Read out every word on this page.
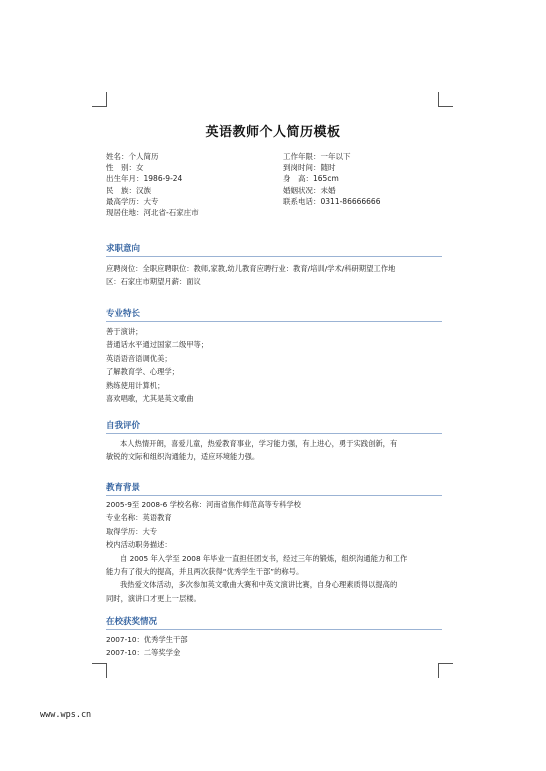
英语教师个人简历模板
姓名：个人简历	工作年限：一年以下
性　别：女	到岗时间：随时
出生年月：1986-9-24	身　高：165cm
民　族：汉族	婚姻状况：未婚
最高学历：大专	联系电话：0311-86666666
现居住地：河北省-石家庄市
求职意向

应聘岗位：全职应聘职位：教师,家教,幼儿教育应聘行业：教育/培训/学术/科研期望工作地

区：石家庄市期望月薪：面议

专业特长

善于演讲；

普通话水平通过国家二级甲等；

英语语音语调优美；

了解教育学、心理学；

熟练使用计算机；

喜欢唱歌，尤其是英文歌曲

自我评价

本人热情开朗，喜爱儿童，热爱教育事业，学习能力强，有上进心，勇于实践创新，有

敏锐的文际和组织沟通能力，适应环境能力强。

教育背景

2005-9至 2008-6 学校名称：河南省焦作师范高等专科学校

专业名称：英语教育

取得学历：大专

校内活动职务描述：

自 2005 年入学至 2008 年毕业一直担任团支书，经过三年的锻炼，组织沟通能力和工作

能力有了很大的提高，并且两次获得“优秀学生干部”的称号。

我热爱文体活动，多次参加英文歌曲大赛和中英文演讲比赛，自身心理素质得以提高的

同时，演讲口才更上一层楼。

在校获奖情况

2007-10：优秀学生干部

2007-10：二等奖学金

www.wps.cn
